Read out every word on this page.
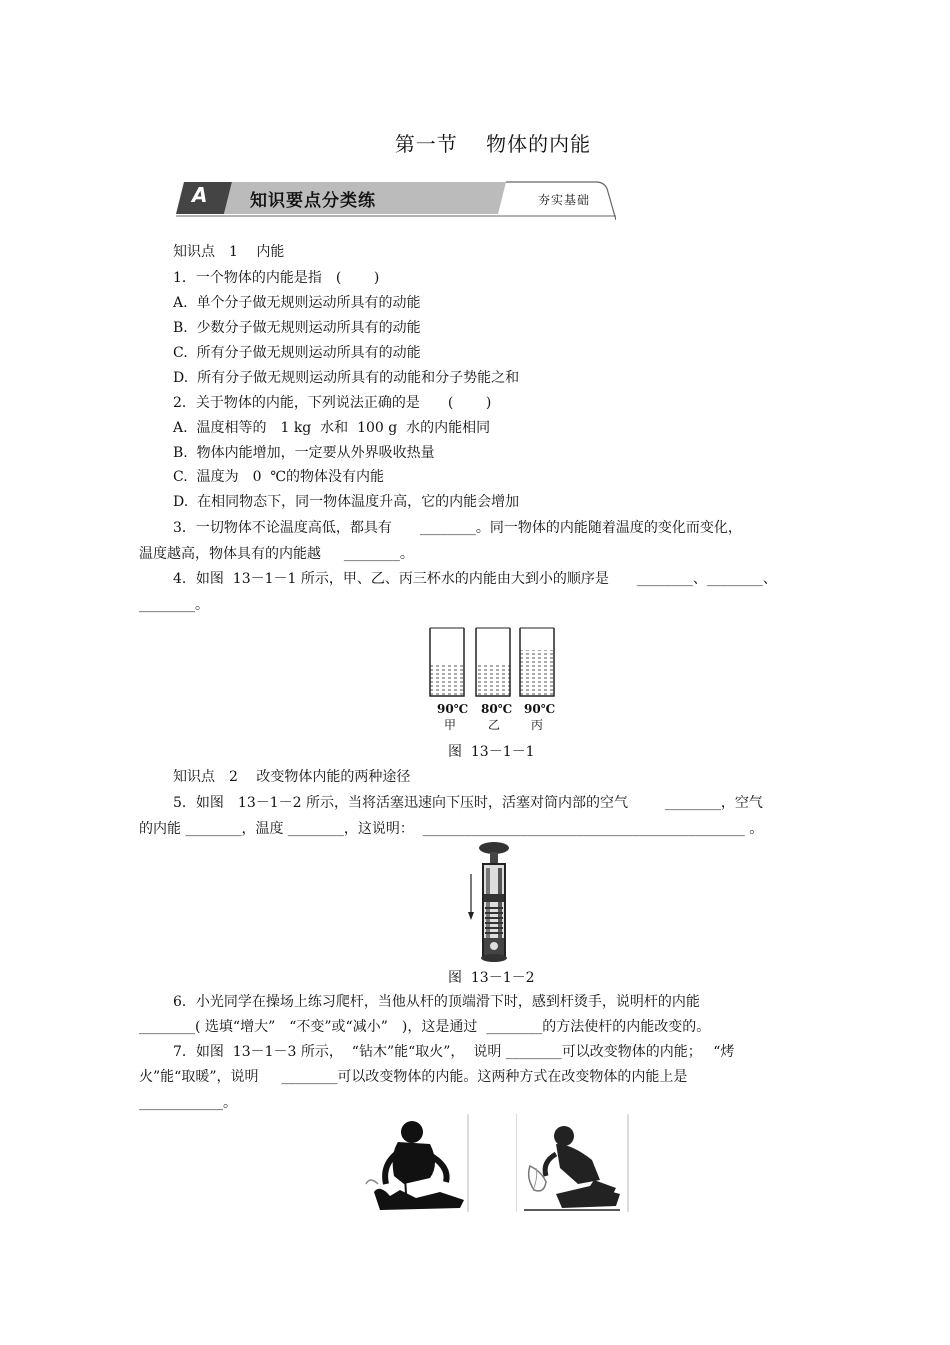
第一节　 物体的内能
A	知识要点分类练	夯实基础
知识点　1　 内能
1．一个物体的内能是指　(　　 )
A.  单个分子做无规则运动所具有的动能
B.  少数分子做无规则运动所具有的动能
C.  所有分子做无规则运动所具有的动能
D.  所有分子做无规则运动所具有的动能和分子势能之和
2．关于物体的内能，下列说法正确的是　　(　　 )
A.  温度相等的　1 kg  水和  100 g  水的内能相同
B.  物体内能增加，一定要从外界吸收热量
C.  温度为　0  ℃的物体没有内能
D.  在相同物态下，同一物体温度升高，它的内能会增加
3．一切物体不论温度高低，都具有　　________。同一物体的内能随着温度的变化而变化，
温度越高，物体具有的内能越　  ________。
4．如图  13－1－1 所示，甲、乙、丙三杯水的内能由大到小的顺序是　　________、________、
________。
90℃ 80℃ 90℃
甲	乙	丙
图  13－1－1
知识点　2　 改变物体内能的两种途径
5．如图　13－1－2 所示，当将活塞迅速向下压时，活塞对筒内部的空气　　  ________，空气
的内能 ________，温度 ________，这说明：  ______________________________________________ 。
图  13－1－2
6．小光同学在操场上练习爬杆，当他从杆的顶端滑下时，感到杆烫手，说明杆的内能
________( 选填“增大”　“不变”或“减小”　)，这是通过  ________的方法使杆的内能改变的。
7．如图  13－1－3 所示，  “钻木”能“取火”，  说明 ________可以改变物体的内能；　 “烤
火”能“取暖”，说明　  ________可以改变物体的内能。这两种方式在改变物体的内能上是
____________。
